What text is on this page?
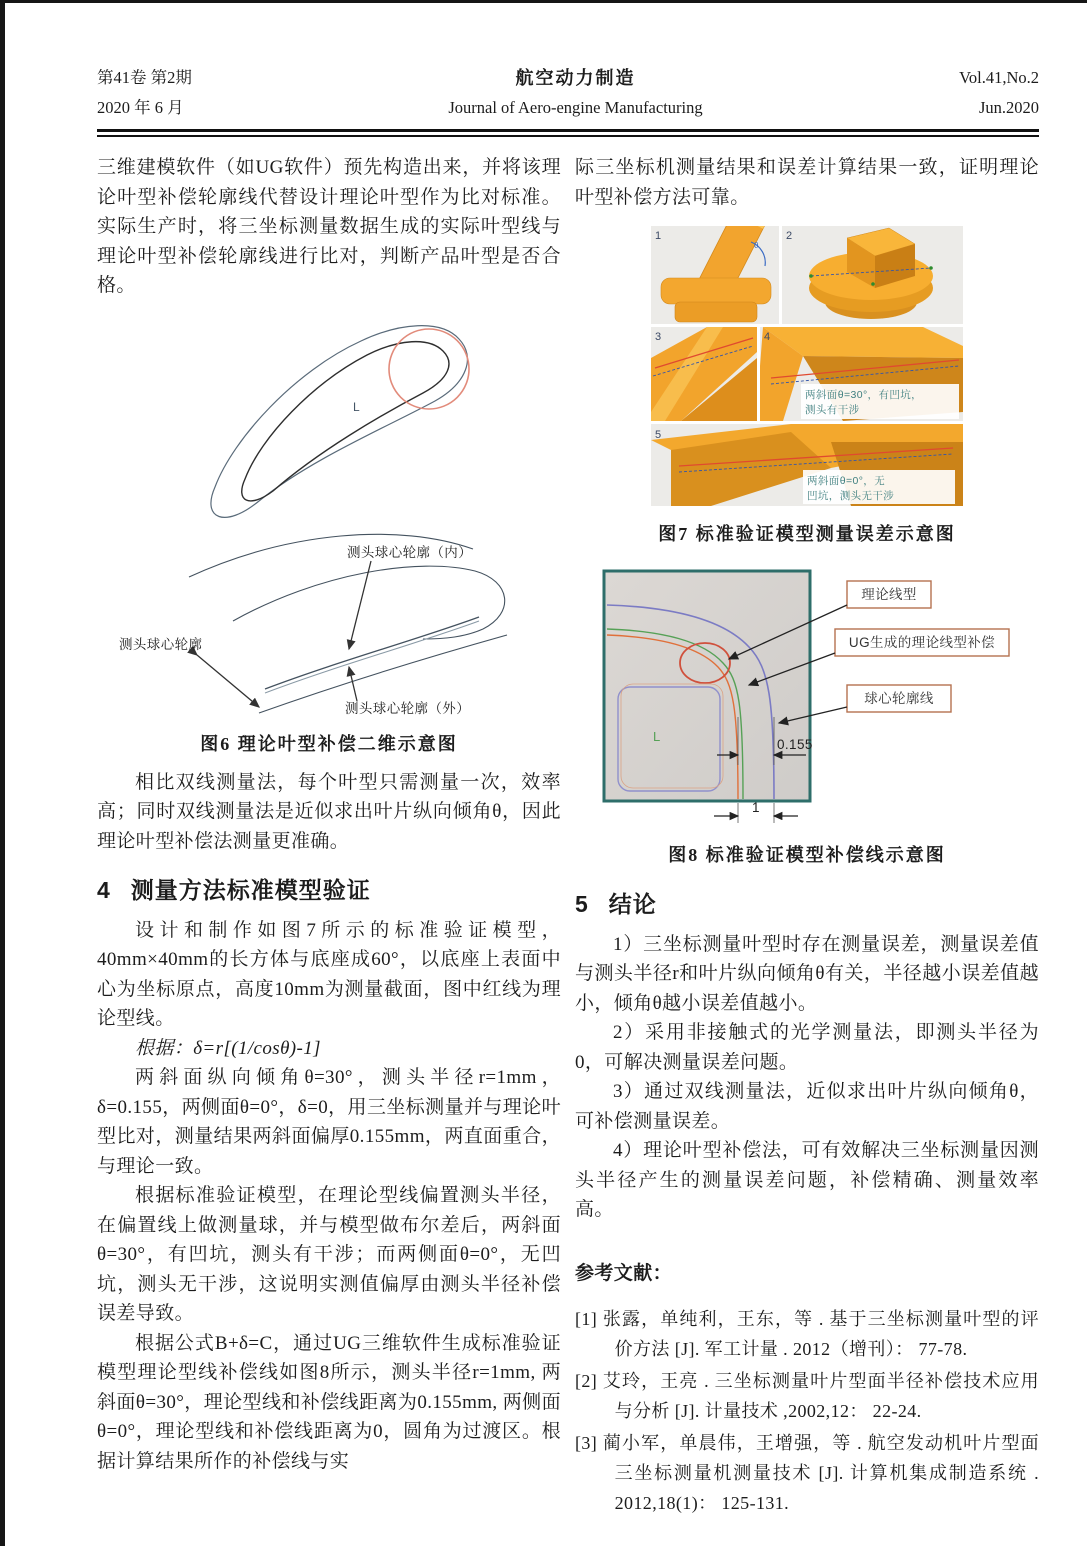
第41卷 第2期
2020 年 6 月
航空动力制造
Journal of Aero-engine Manufacturing
Vol.41,No.2
Jun.2020

三维建模软件（如UG软件）预先构造出来，并将该理论叶型补偿轮廓线代替设计理论叶型作为比对标准。实际生产时，将三坐标测量数据生成的实际叶型线与理论叶型补偿轮廓线进行比对，判断产品叶型是否合格。

L
测头球心轮廓（内）
测头球心轮廓
测头球心轮廓（外）
图6 理论叶型补偿二维示意图

相比双线测量法，每个叶型只需测量一次，效率高；同时双线测量法是近似求出叶片纵向倾角θ，因此理论叶型补偿法测量更准确。

4 测量方法标准模型验证

设计和制作如图7所示的标准验证模型，40mm×40mm的长方体与底座成60°，以底座上表面中心为坐标原点，高度10mm为测量截面，图中红线为理论型线。

根据：δ=r[(1/cosθ)-1]

两斜面纵向倾角θ=30°，测头半径r=1mm，δ=0.155，两侧面θ=0°，δ=0，用三坐标测量并与理论叶型比对，测量结果两斜面偏厚0.155mm，两直面重合，与理论一致。

根据标准验证模型，在理论型线偏置测头半径，在偏置线上做测量球，并与模型做布尔差后，两斜面θ=30°，有凹坑，测头有干涉；而两侧面θ=0°，无凹坑，测头无干涉，这说明实测值偏厚由测头半径补偿误差导致。

根据公式B+δ=C，通过UG三维软件生成标准验证模型理论型线补偿线如图8所示，测头半径r=1mm, 两斜面θ=30°，理论型线和补偿线距离为0.155mm, 两侧面θ=0°，理论型线和补偿线距离为0，圆角为过渡区。根据计算结果所作的补偿线与实

际三坐标机测量结果和误差计算结果一致，证明理论叶型补偿方法可靠。

θ
1	2
3
两斜面θ=30°，有凹坑，
测头有干涉
4
两斜面θ=0°，无
凹坑，测头无干涉
5
图7 标准验证模型测量误差示意图
L
0.155
1
理论线型
UG生成的理论线型补偿
球心轮廓线
图8 标准验证模型补偿线示意图
5 结论

1）三坐标测量叶型时存在测量误差，测量误差值与测头半径r和叶片纵向倾角θ有关，半径越小误差值越小，倾角θ越小误差值越小。

2）采用非接触式的光学测量法，即测头半径为0，可解决测量误差问题。

3）通过双线测量法，近似求出叶片纵向倾角θ，可补偿测量误差。

4）理论叶型补偿法，可有效解决三坐标测量因测头半径产生的测量误差问题，补偿精确、测量效率高。

参考文献：

[1] 张露，单纯利，王东，等 . 基于三坐标测量叶型的评价方法 [J]. 军工计量 . 2012（增刊）： 77-78.
[2] 艾玲，王亮 . 三坐标测量叶片型面半径补偿技术应用与分析 [J]. 计量技术 ,2002,12： 22-24.
[3] 蔺小军，单晨伟，王增强，等 . 航空发动机叶片型面三坐标测量机测量技术 [J]. 计算机集成制造系统 . 2012,18(1)： 125-131.
